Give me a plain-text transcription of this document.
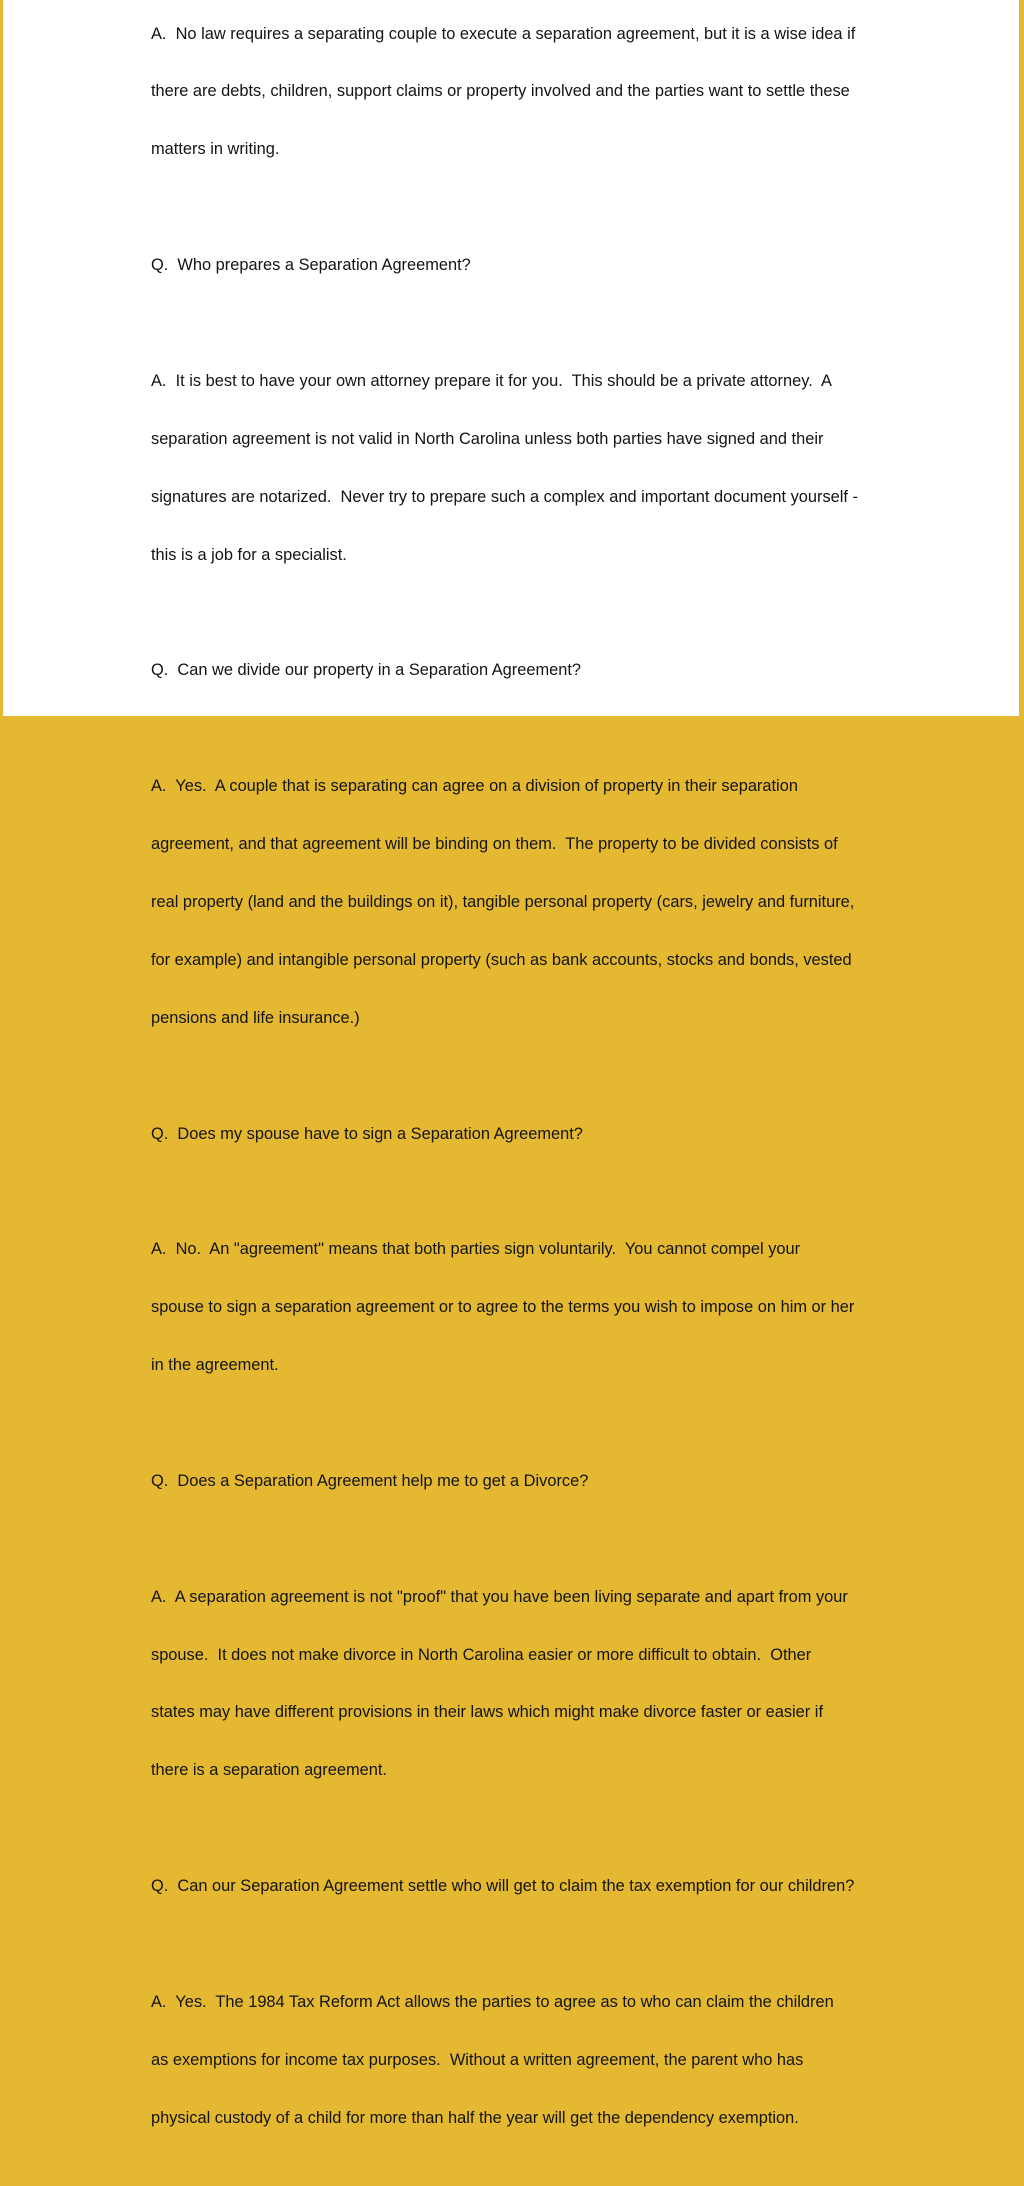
A.  No law requires a separating couple to execute a separation agreement, but it is a wise idea if

there are debts, children, support claims or property involved and the parties want to settle these

matters in writing.

Q.  Who prepares a Separation Agreement?

A.  It is best to have your own attorney prepare it for you.  This should be a private attorney.  A

separation agreement is not valid in North Carolina unless both parties have signed and their

signatures are notarized.  Never try to prepare such a complex and important document yourself -

this is a job for a specialist.

Q.  Can we divide our property in a Separation Agreement?

A.  Yes.  A couple that is separating can agree on a division of property in their separation

agreement, and that agreement will be binding on them.  The property to be divided consists of

real property (land and the buildings on it), tangible personal property (cars, jewelry and furniture,

for example) and intangible personal property (such as bank accounts, stocks and bonds, vested

pensions and life insurance.)

Q.  Does my spouse have to sign a Separation Agreement?

A.  No.  An "agreement" means that both parties sign voluntarily.  You cannot compel your

spouse to sign a separation agreement or to agree to the terms you wish to impose on him or her

in the agreement.

Q.  Does a Separation Agreement help me to get a Divorce?

A.  A separation agreement is not "proof" that you have been living separate and apart from your

spouse.  It does not make divorce in North Carolina easier or more difficult to obtain.  Other

states may have different provisions in their laws which might make divorce faster or easier if

there is a separation agreement.

Q.  Can our Separation Agreement settle who will get to claim the tax exemption for our children?

A.  Yes.  The 1984 Tax Reform Act allows the parties to agree as to who can claim the children

as exemptions for income tax purposes.  Without a written agreement, the parent who has

physical custody of a child for more than half the year will get the dependency exemption.
